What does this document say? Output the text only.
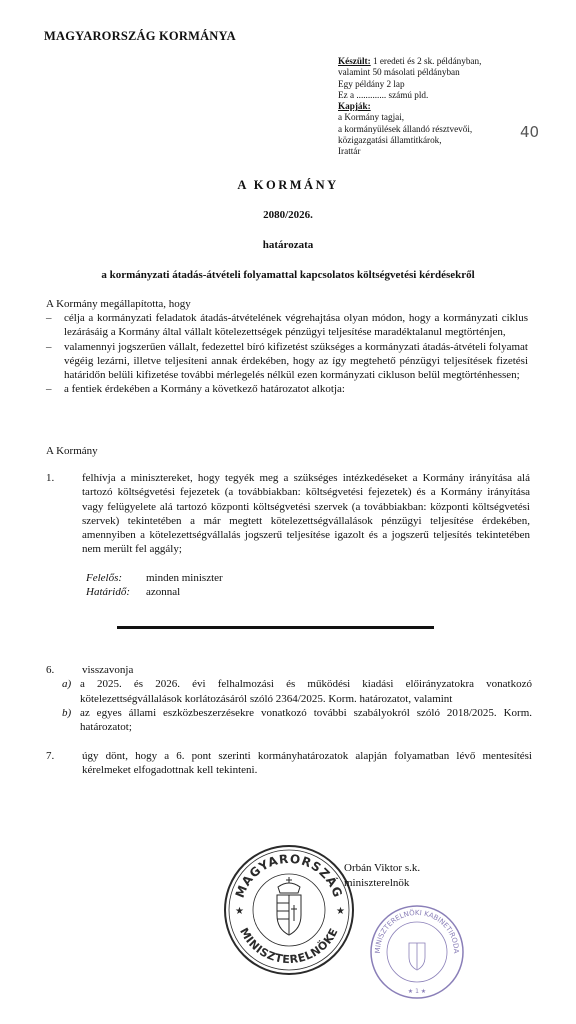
MAGYARORSZÁG KORMÁNYA
Készült: 1 eredeti és 2 sk. példányban,
valamint 50 másolati példányban
Egy példány 2 lap
Ez a ............. számú pld.
Kapják:
a Kormány tagjai,
a kormányülések állandó résztvevői,
közigazgatási államtitkárok,
Irattár
40
A KORMÁNY
2080/2026.
határozata
a kormányzati átadás-átvételi folyamattal kapcsolatos költségvetési kérdésekről
A Kormány megállapította, hogy
–	célja a kormányzati feladatok átadás-átvételének végrehajtása olyan módon, hogy a kormányzati ciklus lezárásáig a Kormány által vállalt kötelezettségek pénzügyi teljesítése maradéktalanul megtörténjen,
–	valamennyi jogszerűen vállalt, fedezettel bíró kifizetést szükséges a kormányzati átadás-átvételi folyamat végéig lezárni, illetve teljesíteni annak érdekében, hogy az így megtehető pénzügyi teljesítések fizetési határidőn belüli kifizetése további mérlegelés nélkül ezen kormányzati cikluson belül megtörténhessen;
–	a fentiek érdekében a Kormány a következő határozatot alkotja:
A Kormány
1.	felhívja a minisztereket, hogy tegyék meg a szükséges intézkedéseket a Kormány irányítása alá tartozó költségvetési fejezetek (a továbbiakban: költségvetési fejezetek) és a Kormány irányítása vagy felügyelete alá tartozó központi költségvetési szervek (a továbbiakban: központi költségvetési szervek) tekintetében a már megtett kötelezettségvállalások pénzügyi teljesítése érdekében, amennyiben a kötelezettségvállalás jogszerű teljesítése igazolt és a jogszerű teljesítés tekintetében nem merült fel aggály;
Felelős:	minden miniszter
Határidő:	azonnal
6.	visszavonja
a) a 2025. és 2026. évi felhalmozási és működési kiadási előirányzatokra vonatkozó kötelezettségvállalások korlátozásáról szóló 2364/2025. Korm. határozatot, valamint
b) az egyes állami eszközbeszerzésekre vonatkozó további szabályokról szóló 2018/2025. Korm. határozatot;
7.	úgy dönt, hogy a 6. pont szerinti kormányhatározatok alapján folyamatban lévő mentesítési kérelmeket elfogadottnak kell tekinteni.
MAGYARORSZÁG
MINISZTERELNÖKE
★	★
Orbán Viktor s.k.
miniszterelnök
MINISZTERELNÖKI KABINETIRODA
★ 1 ★
